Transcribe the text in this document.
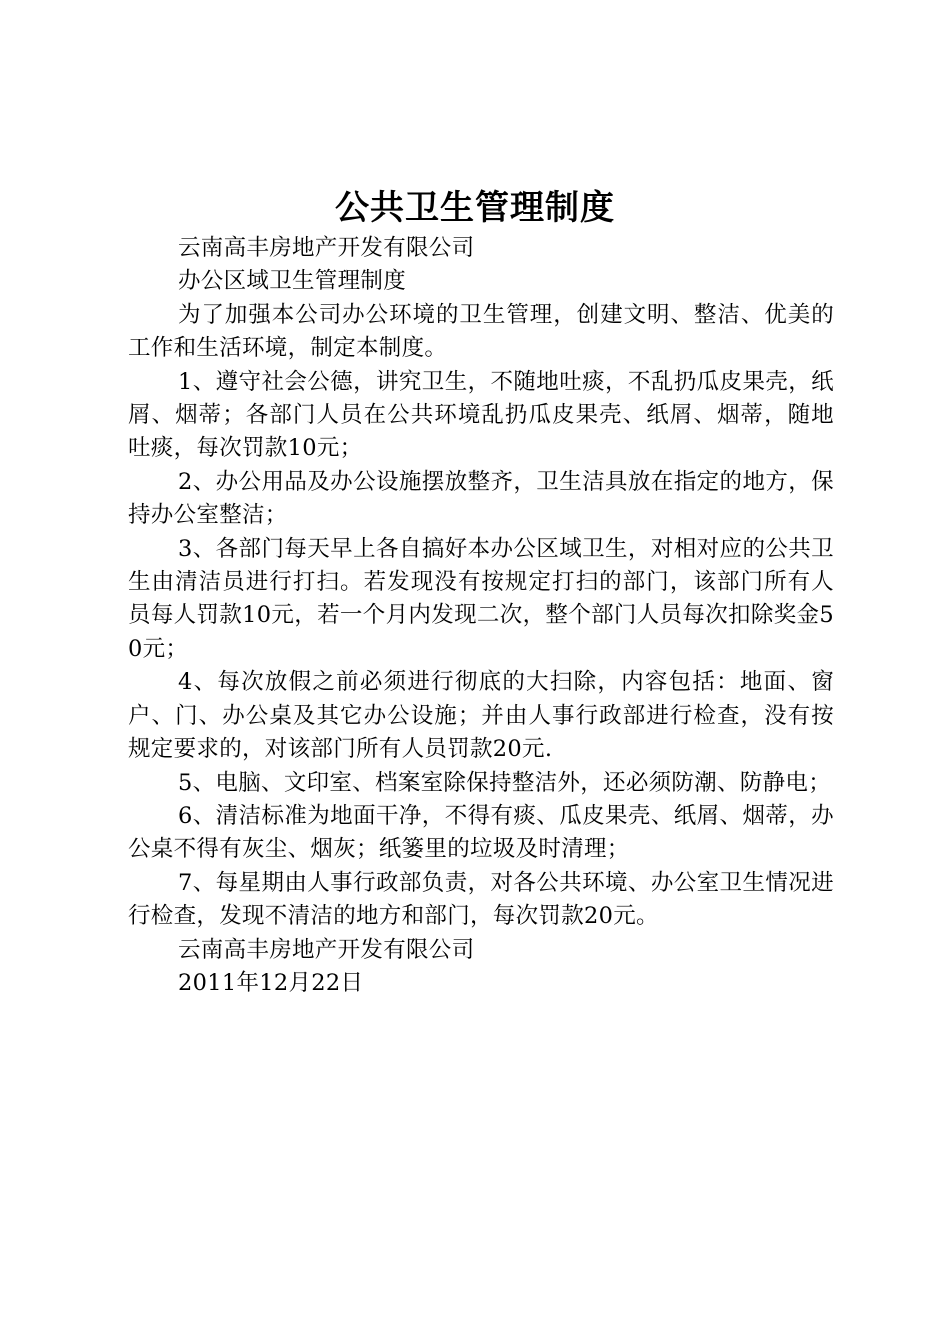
公共卫生管理制度

云南高丰房地产开发有限公司

办公区域卫生管理制度

为了加强本公司办公环境的卫生管理，创建文明、整洁、优美的工作和生活环境，制定本制度。

1、遵守社会公德，讲究卫生，不随地吐痰，不乱扔瓜皮果壳，纸屑、烟蒂；各部门人员在公共环境乱扔瓜皮果壳、纸屑、烟蒂，随地吐痰，每次罚款10元；

2、办公用品及办公设施摆放整齐，卫生洁具放在指定的地方，保持办公室整洁；

3、各部门每天早上各自搞好本办公区域卫生，对相对应的公共卫生由清洁员进行打扫。若发现没有按规定打扫的部门，该部门所有人员每人罚款10元，若一个月内发现二次，整个部门人员每次扣除奖金50元；

4、每次放假之前必须进行彻底的大扫除，内容包括：地面、窗户、门、办公桌及其它办公设施；并由人事行政部进行检查，没有按规定要求的，对该部门所有人员罚款20元.

5、电脑、文印室、档案室除保持整洁外，还必须防潮、防静电；

6、清洁标准为地面干净，不得有痰、瓜皮果壳、纸屑、烟蒂，办公桌不得有灰尘、烟灰；纸篓里的垃圾及时清理；

7、每星期由人事行政部负责，对各公共环境、办公室卫生情况进行检查，发现不清洁的地方和部门，每次罚款20元。

云南高丰房地产开发有限公司

2011年12月22日
